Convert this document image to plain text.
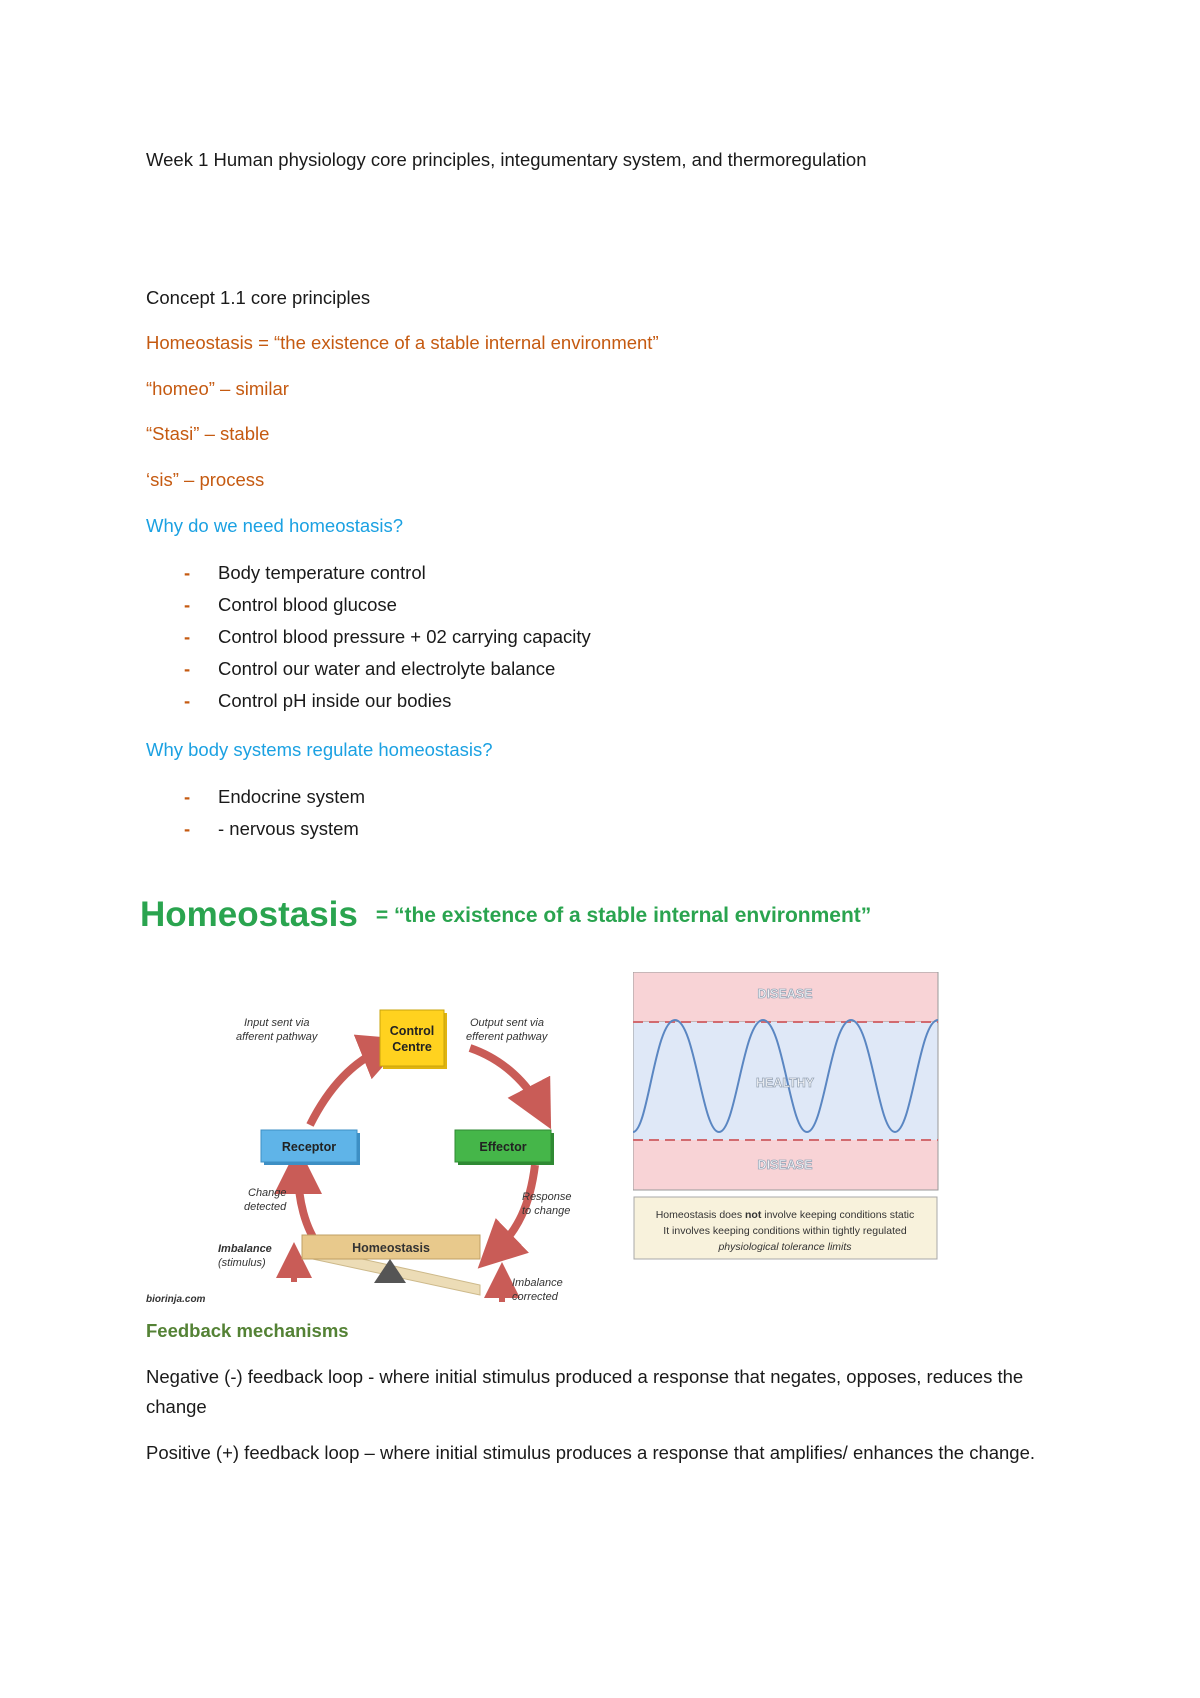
Week 1 Human physiology core principles, integumentary system, and thermoregulation
Concept 1.1 core principles
Homeostasis = “the existence of a stable internal environment”
“homeo” – similar
“Stasi” – stable
‘sis” – process
Why do we need homeostasis?
- Body temperature control
- Control blood glucose
- Control blood pressure + 02 carrying capacity
- Control our water and electrolyte balance
- Control pH inside our bodies
Why body systems regulate homeostasis?
- Endocrine system
- - nervous system
Homeostasis = “the existence of a stable internal environment”
Control
Centre
Receptor	Effector
Homeostasis
Input sent via
afferent pathway
Output sent via
efferent pathway
Change
detected
Response
to change
Imbalance
(stimulus)
Imbalance
corrected
biorinja.com
DISEASE
HEALTHY
DISEASE
Homeostasis does not involve keeping conditions static
It involves keeping conditions within tightly regulated
physiological tolerance limits
Feedback mechanisms
Negative (-) feedback loop - where initial stimulus produced a response that negates, opposes, reduces the change
Positive (+) feedback loop – where initial stimulus produces a response that amplifies/ enhances the change.
